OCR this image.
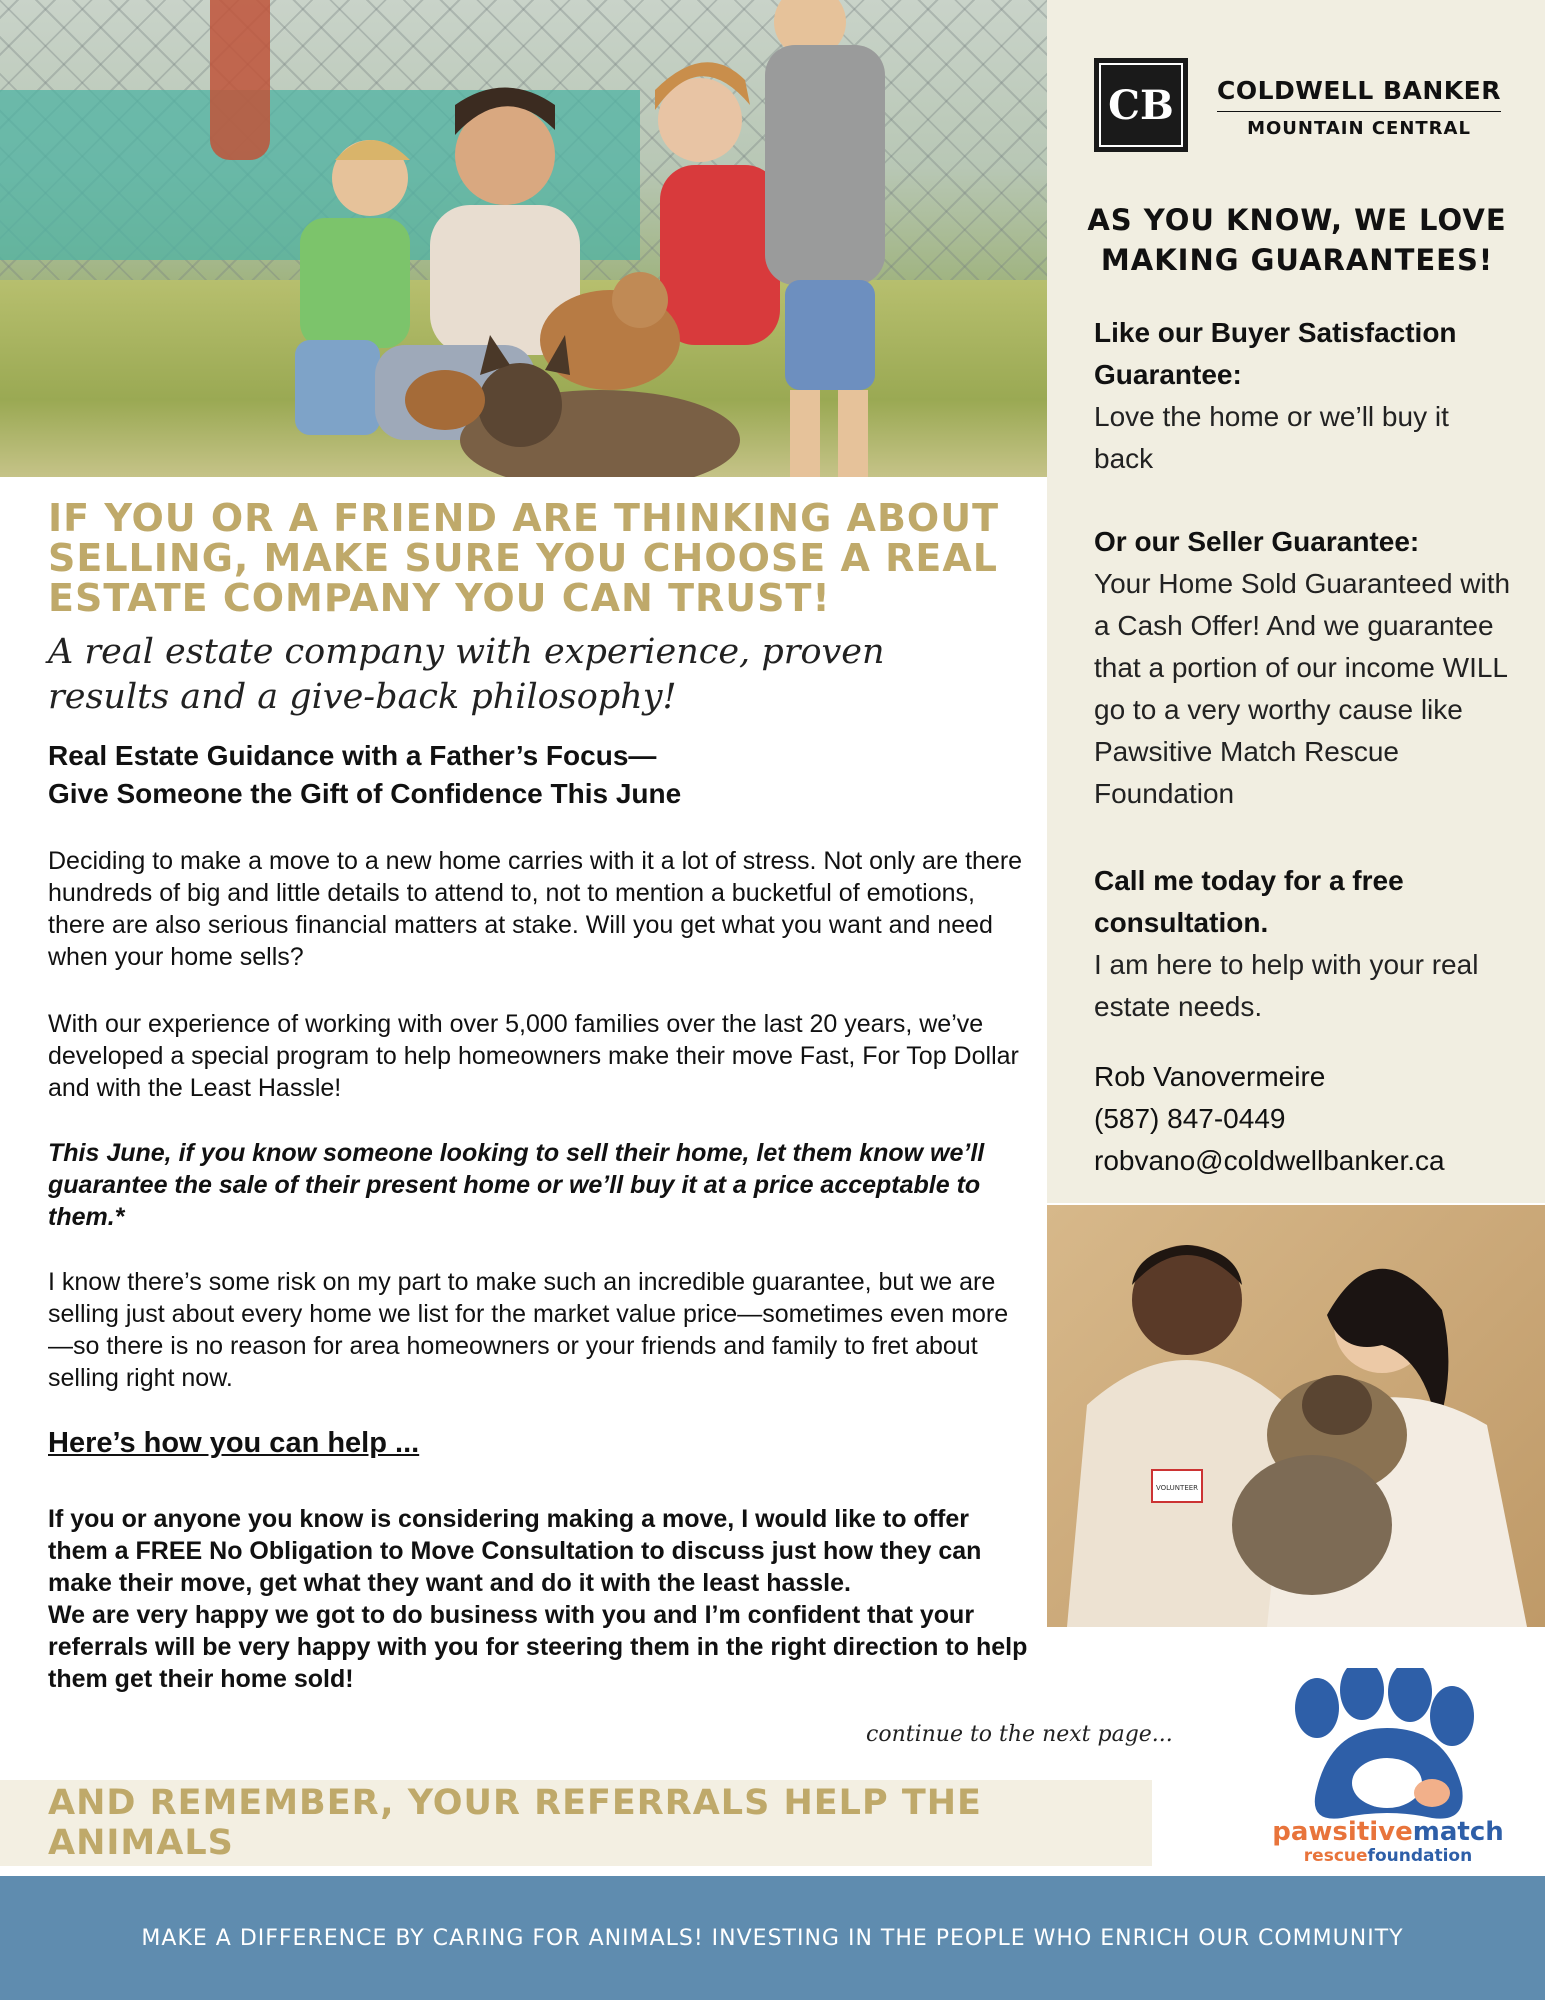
CB	COLDWELL BANKER
MOUNTAIN CENTRAL
AS YOU KNOW, WE LOVE MAKING GUARANTEES!
Like our Buyer Satisfaction Guarantee:
Love the home or we’ll buy it back
Or our Seller Guarantee:
Your Home Sold Guaranteed with a Cash Offer! And we guarantee that a portion of our income WILL go to a very worthy cause like Pawsitive Match Rescue Foundation
Call me today for a free consultation.
I am here to help with your real estate needs.
Rob Vanovermeire
(587) 847-0449
robvano@coldwellbanker.ca
VOLUNTEER
IF YOU OR A FRIEND ARE THINKING ABOUT SELLING, MAKE SURE YOU CHOOSE A REAL ESTATE COMPANY YOU CAN TRUST!
A real estate company with experience, proven results and a give-back philosophy!
Real Estate Guidance with a Father’s Focus—
Give Someone the Gift of Confidence This June
Deciding to make a move to a new home carries with it a lot of stress. Not only are there hundreds of big and little details to attend to, not to mention a bucketful of emotions, there are also serious financial matters at stake. Will you get what you want and need when your home sells?
With our experience of working with over 5,000 families over the last 20 years, we’ve developed a special program to help homeowners make their move Fast, For Top Dollar and with the Least Hassle!
This June, if you know someone looking to sell their home, let them know we’ll guarantee the sale of their present home or we’ll buy it at a price acceptable to them.*
I know there’s some risk on my part to make such an incredible guarantee, but we are selling just about every home we list for the market value price—sometimes even more—so there is no reason for area homeowners or your friends and family to fret about selling right now.
Here’s how you can help ...
If you or anyone you know is considering making a move, I would like to offer them a FREE No Obligation to Move Consultation to discuss just how they can make their move, get what they want and do it with the least hassle.
We are very happy we got to do business with you and I’m confident that your referrals will be very happy with you for steering them in the right direction to help them get their home sold!
continue to the next page...
AND REMEMBER, YOUR REFERRALS HELP THE ANIMALS	pawsitivematch
rescuefoundation
MAKE A DIFFERENCE BY CARING FOR ANIMALS! INVESTING IN THE PEOPLE WHO ENRICH OUR COMMUNITY
